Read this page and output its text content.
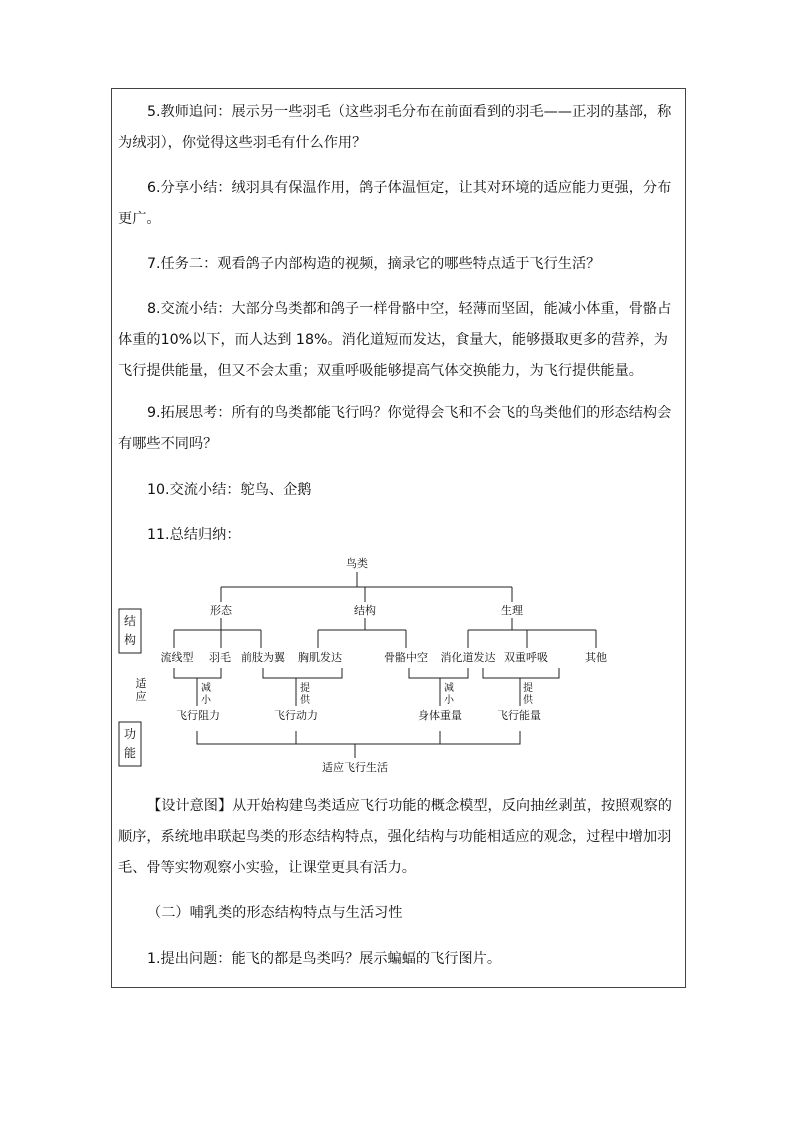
5.教师追问：展示另一些羽毛（这些羽毛分布在前面看到的羽毛——正羽的基部，称为绒羽），你觉得这些羽毛有什么作用？

6.分享小结：绒羽具有保温作用，鸽子体温恒定，让其对环境的适应能力更强，分布更广。

7.任务二：观看鸽子内部构造的视频，摘录它的哪些特点适于飞行生活？

8.交流小结：大部分鸟类都和鸽子一样骨骼中空，轻薄而坚固，能减小体重，骨骼占体重的10%以下，而人达到 18%。消化道短而发达，食量大，能够摄取更多的营养，为飞行提供能量，但又不会太重；双重呼吸能够提高气体交换能力，为飞行提供能量。

9.拓展思考：所有的鸟类都能飞行吗？你觉得会飞和不会飞的鸟类他们的形态结构会有哪些不同吗？

10.交流小结：鸵鸟、企鹅

11.总结归纳：

鸟类
形态	结构	生理
流线型 羽毛 前肢为翼 胸肌发达	骨骼中空 消化道发达 双重呼吸	其他
减
小
提
供
减
小
提
供
飞行阻力	飞行动力	身体重量	飞行能量
适应飞行生活
结
构
适
应
功
能

【设计意图】从开始构建鸟类适应飞行功能的概念模型，反向抽丝剥茧，按照观察的顺序，系统地串联起鸟类的形态结构特点，强化结构与功能相适应的观念，过程中增加羽毛、骨等实物观察小实验，让课堂更具有活力。

（二）哺乳类的形态结构特点与生活习性

1.提出问题：能飞的都是鸟类吗？展示蝙蝠的飞行图片。
